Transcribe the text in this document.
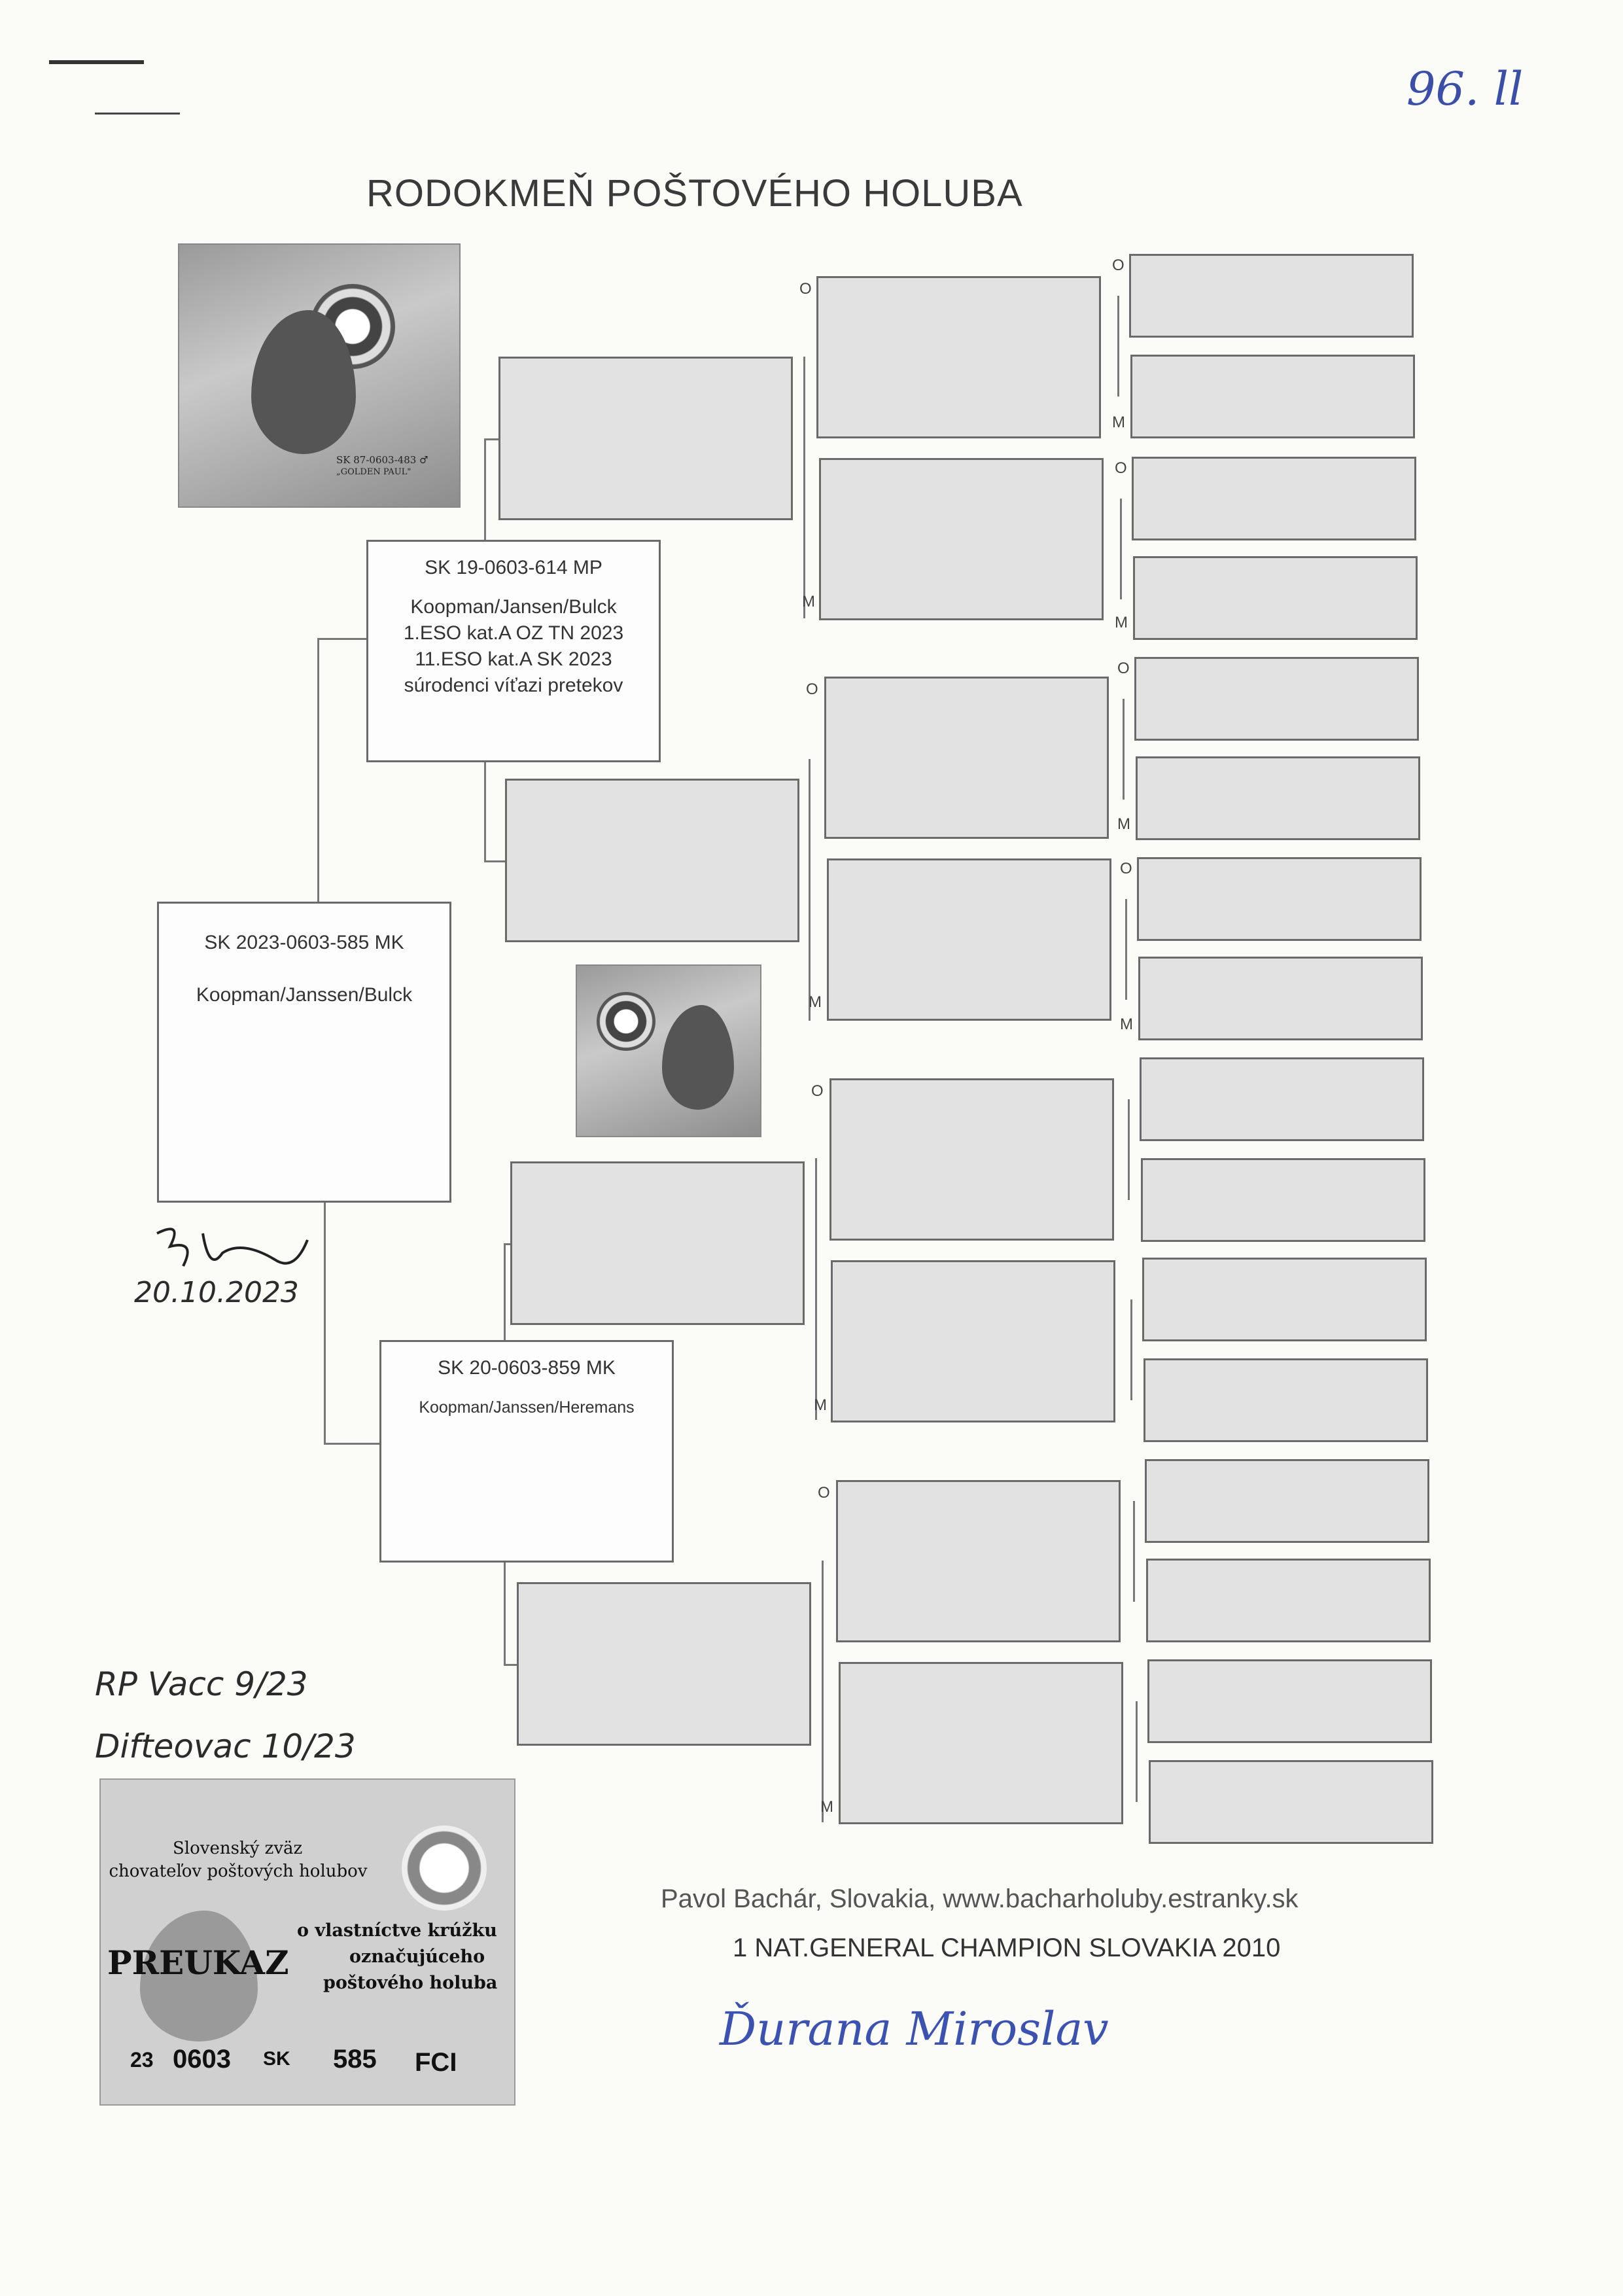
96. ll
RODOKMEŇ POŠTOVÉHO HOLUBA
SK 87-0603-483 ♂
„GOLDEN PAUL"
SK 2023-0603-585 MK
Koopman/Janssen/Bulck
SK 19-0603-614 MP
Koopman/Jansen/Bulck
1.ESO kat.A OZ TN 2023
11.ESO kat.A SK 2023
súrodenci víťazi pretekov
SK 20-0603-859 MK
Koopman/Janssen/Heremans
O
M
O
M
O
M
O
M
O
M
O
M
O
M
O
M
20.10.2023
RP Vacc 9/23
Difteovac 10/23
Slovenský zväz
chovateľov poštových holubov
PREUKAZ
o vlastníctve krúžku
označujúceho
poštového holuba
23 0603 SK 585 FCI
Pavol Bachár, Slovakia, www.bacharholuby.estranky.sk
1 NAT.GENERAL CHAMPION SLOVAKIA 2010
Ďurana Miroslav
